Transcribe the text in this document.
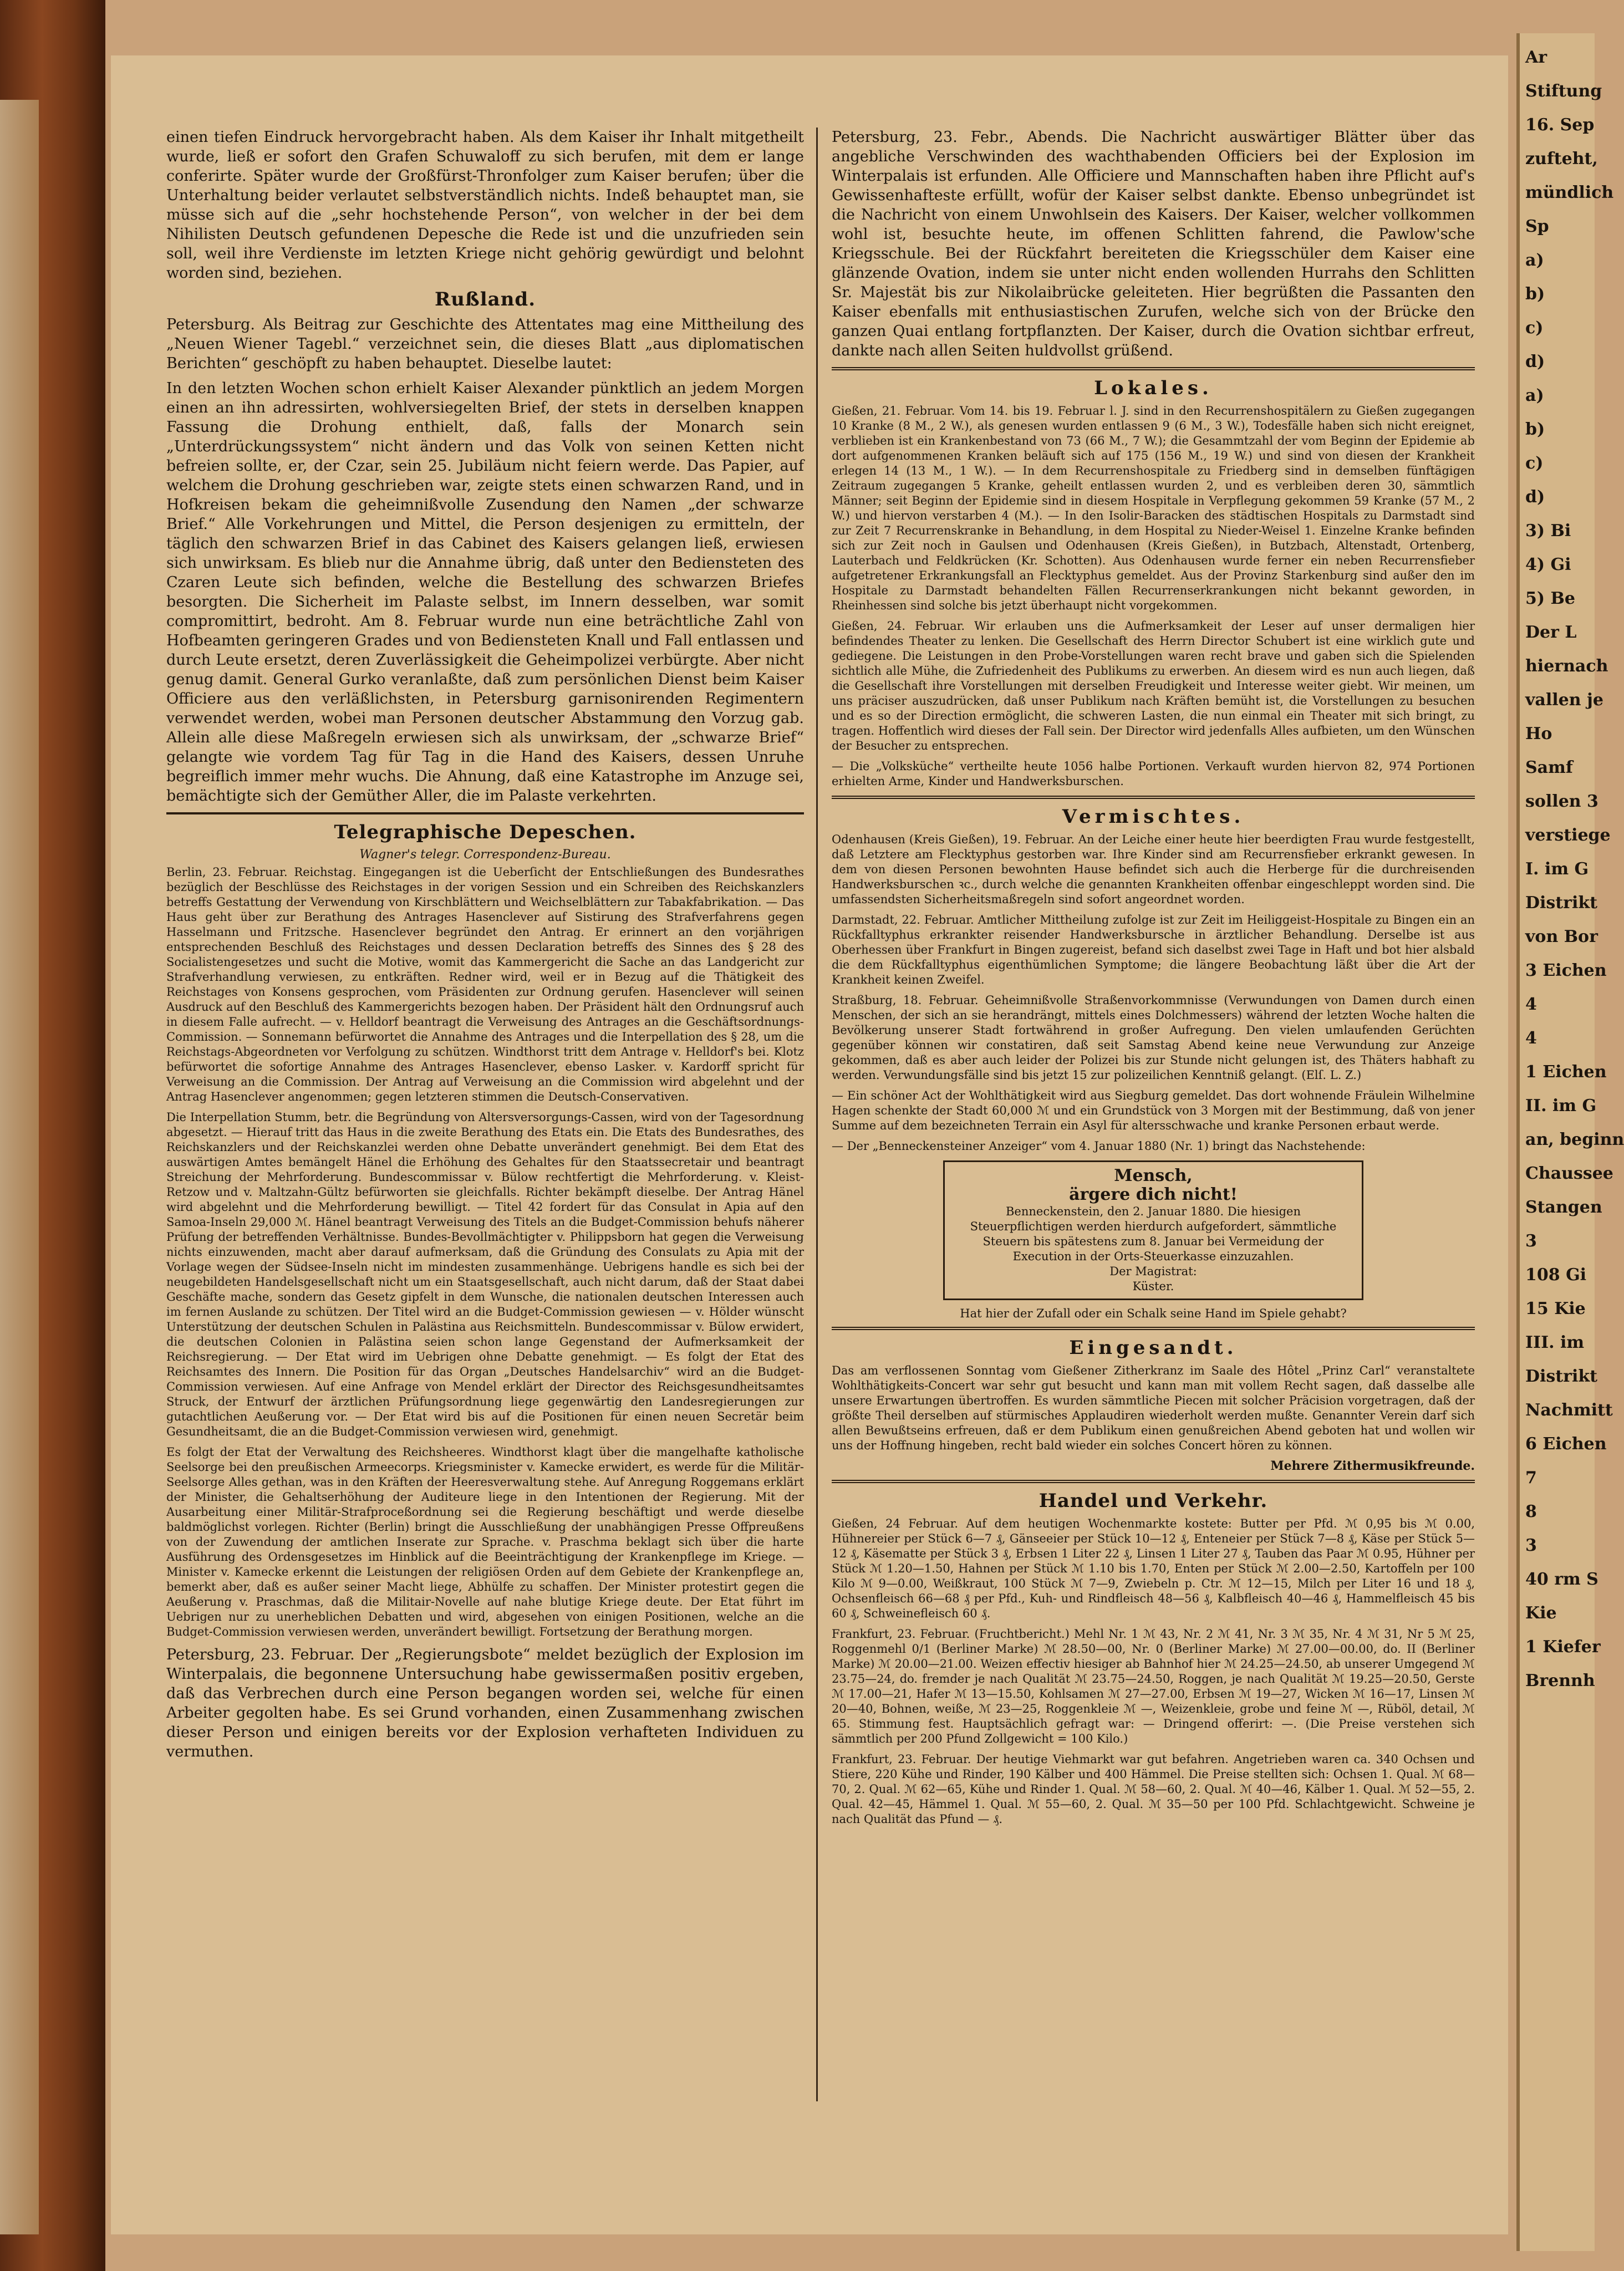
Ar
Stiftung
16. Sep
zufteht,
mündlich
Sp
a)
b)
c)
d)
a)
b)
c)
d)
3) Bi
4) Gi
5) Be
Der L
hiernach
vallen je
Ho
Samf
sollen 3
verstiege
I. im G
Distrikt
von Bor
3 Eichen
4
4
1 Eichen
II. im G
an, beginn
Chaussee
Stangen
3
108 Gi
15 Kie
III. im
Distrikt
Nachmitt
6 Eichen
7
8
3
40 rm S
Kie
1 Kiefer
Brennh

einen tiefen Eindruck hervorgebracht haben. Als dem Kaiser ihr Inhalt mitgetheilt wurde, ließ er sofort den Grafen Schuwaloff zu sich berufen, mit dem er lange conferirte. Später wurde der Großfürst-Thronfolger zum Kaiser berufen; über die Unterhaltung beider verlautet selbstverständlich nichts. Indeß behauptet man, sie müsse sich auf die „sehr hochstehende Person“, von welcher in der bei dem Nihilisten Deutsch gefundenen Depesche die Rede ist und die unzufrieden sein soll, weil ihre Verdienste im letzten Kriege nicht gehörig gewürdigt und belohnt worden sind, beziehen.

Rußland.

Petersburg. Als Beitrag zur Geschichte des Attentates mag eine Mittheilung des „Neuen Wiener Tagebl.“ verzeichnet sein, die dieses Blatt „aus diplomatischen Berichten“ geschöpft zu haben behauptet. Dieselbe lautet:

In den letzten Wochen schon erhielt Kaiser Alexander pünktlich an jedem Morgen einen an ihn adressirten, wohlversiegelten Brief, der stets in derselben knappen Fassung die Drohung enthielt, daß, falls der Monarch sein „Unterdrückungssystem“ nicht ändern und das Volk von seinen Ketten nicht befreien sollte, er, der Czar, sein 25. Jubiläum nicht feiern werde. Das Papier, auf welchem die Drohung geschrieben war, zeigte stets einen schwarzen Rand, und in Hofkreisen bekam die geheimnißvolle Zusendung den Namen „der schwarze Brief.“ Alle Vorkehrungen und Mittel, die Person desjenigen zu ermitteln, der täglich den schwarzen Brief in das Cabinet des Kaisers gelangen ließ, erwiesen sich unwirksam. Es blieb nur die Annahme übrig, daß unter den Bediensteten des Czaren Leute sich befinden, welche die Bestellung des schwarzen Briefes besorgten. Die Sicherheit im Palaste selbst, im Innern desselben, war somit compromittirt, bedroht. Am 8. Februar wurde nun eine beträchtliche Zahl von Hofbeamten geringeren Grades und von Bediensteten Knall und Fall entlassen und durch Leute ersetzt, deren Zuverlässigkeit die Geheimpolizei verbürgte. Aber nicht genug damit. General Gurko veranlaßte, daß zum persönlichen Dienst beim Kaiser Officiere aus den verläßlichsten, in Petersburg garnisonirenden Regimentern verwendet werden, wobei man Personen deutscher Abstammung den Vorzug gab. Allein alle diese Maßregeln erwiesen sich als unwirksam, der „schwarze Brief“ gelangte wie vordem Tag für Tag in die Hand des Kaisers, dessen Unruhe begreiflich immer mehr wuchs. Die Ahnung, daß eine Katastrophe im Anzuge sei, bemächtigte sich der Gemüther Aller, die im Palaste verkehrten.

Telegraphische Depeschen.
Wagner's telegr. Correspondenz-Bureau.

Berlin, 23. Februar. Reichstag. Eingegangen ist die Ueberſicht der Entschließungen des Bundesrathes bezüglich der Beschlüsse des Reichstages in der vorigen Session und ein Schreiben des Reichskanzlers betreffs Gestattung der Verwendung von Kirschblättern und Weichselblättern zur Tabakfabrikation. — Das Haus geht über zur Berathung des Antrages Hasenclever auf Sistirung des Strafverfahrens gegen Hasselmann und Fritzsche. Hasenclever begründet den Antrag. Er erinnert an den vorjährigen entsprechenden Beschluß des Reichstages und dessen Declaration betreffs des Sinnes des § 28 des Socialistengesetzes und sucht die Motive, womit das Kammergericht die Sache an das Landgericht zur Strafverhandlung verwiesen, zu entkräften. Redner wird, weil er in Bezug auf die Thätigkeit des Reichstages von Konsens gesprochen, vom Präsidenten zur Ordnung gerufen. Hasenclever will seinen Ausdruck auf den Beschluß des Kammergerichts bezogen haben. Der Präsident hält den Ordnungsruf auch in diesem Falle aufrecht. — v. Helldorf beantragt die Verweisung des Antrages an die Geschäftsordnungs-Commission. — Sonnemann befürwortet die Annahme des Antrages und die Interpellation des § 28, um die Reichstags-Abgeordneten vor Verfolgung zu schützen. Windthorst tritt dem Antrage v. Helldorf's bei. Klotz befürwortet die sofortige Annahme des Antrages Hasenclever, ebenso Lasker. v. Kardorff spricht für Verweisung an die Commission. Der Antrag auf Verweisung an die Commission wird abgelehnt und der Antrag Hasenclever angenommen; gegen letzteren stimmen die Deutsch-Conservativen.

Die Interpellation Stumm, betr. die Begründung von Altersversorgungs-Cassen, wird von der Tagesordnung abgesetzt. — Hierauf tritt das Haus in die zweite Berathung des Etats ein. Die Etats des Bundesrathes, des Reichskanzlers und der Reichskanzlei werden ohne Debatte unverändert genehmigt. Bei dem Etat des auswärtigen Amtes bemängelt Hänel die Erhöhung des Gehaltes für den Staatssecretair und beantragt Streichung der Mehrforderung. Bundescommissar v. Bülow rechtfertigt die Mehrforderung. v. Kleist-Retzow und v. Maltzahn-Gültz befürworten sie gleichfalls. Richter bekämpft dieselbe. Der Antrag Hänel wird abgelehnt und die Mehrforderung bewilligt. — Titel 42 fordert für das Consulat in Apia auf den Samoa-Inseln 29,000 ℳ. Hänel beantragt Verweisung des Titels an die Budget-Commission behufs näherer Prüfung der betreffenden Verhältnisse. Bundes-Bevollmächtigter v. Philippsborn hat gegen die Verweisung nichts einzuwenden, macht aber darauf aufmerksam, daß die Gründung des Consulats zu Apia mit der Vorlage wegen der Südsee-Inseln nicht im mindesten zusammenhänge. Uebrigens handle es sich bei der neugebildeten Handelsgesellschaft nicht um ein Staatsgesellschaft, auch nicht darum, daß der Staat dabei Geschäfte mache, sondern das Gesetz gipfelt in dem Wunsche, die nationalen deutschen Interessen auch im fernen Auslande zu schützen. Der Titel wird an die Budget-Commission gewiesen — v. Hölder wünscht Unterstützung der deutschen Schulen in Palästina aus Reichsmitteln. Bundescommissar v. Bülow erwidert, die deutschen Colonien in Palästina seien schon lange Gegenstand der Aufmerksamkeit der Reichsregierung. — Der Etat wird im Uebrigen ohne Debatte genehmigt. — Es folgt der Etat des Reichsamtes des Innern. Die Position für das Organ „Deutsches Handelsarchiv“ wird an die Budget-Commission verwiesen. Auf eine Anfrage von Mendel erklärt der Director des Reichsgesundheitsamtes Struck, der Entwurf der ärztlichen Prüfungsordnung liege gegenwärtig den Landesregierungen zur gutachtlichen Aeußerung vor. — Der Etat wird bis auf die Positionen für einen neuen Secretär beim Gesundheitsamt, die an die Budget-Commission verwiesen wird, genehmigt.

Es folgt der Etat der Verwaltung des Reichsheeres. Windthorst klagt über die mangelhafte katholische Seelsorge bei den preußischen Armeecorps. Kriegsminister v. Kamecke erwidert, es werde für die Militär-Seelsorge Alles gethan, was in den Kräften der Heeresverwaltung stehe. Auf Anregung Roggemans erklärt der Minister, die Gehaltserhöhung der Auditeure liege in den Intentionen der Regierung. Mit der Ausarbeitung einer Militär-Strafproceßordnung sei die Regierung beschäftigt und werde dieselbe baldmöglichst vorlegen. Richter (Berlin) bringt die Ausschließung der unabhängigen Presse Offpreußens von der Zuwendung der amtlichen Inserate zur Sprache. v. Praschma beklagt sich über die harte Ausführung des Ordensgesetzes im Hinblick auf die Beeinträchtigung der Krankenpflege im Kriege. — Minister v. Kamecke erkennt die Leistungen der religiösen Orden auf dem Gebiete der Krankenpflege an, bemerkt aber, daß es außer seiner Macht liege, Abhülfe zu schaffen. Der Minister protestirt gegen die Aeußerung v. Praschmas, daß die Militair-Novelle auf nahe blutige Kriege deute. Der Etat führt im Uebrigen nur zu unerheblichen Debatten und wird, abgesehen von einigen Positionen, welche an die Budget-Commission verwiesen werden, unverändert bewilligt. Fortsetzung der Berathung morgen.

Petersburg, 23. Februar. Der „Regierungsbote“ meldet bezüglich der Explosion im Winterpalais, die begonnene Untersuchung habe gewissermaßen positiv ergeben, daß das Verbrechen durch eine Person begangen worden sei, welche für einen Arbeiter gegolten habe. Es sei Grund vorhanden, einen Zusammenhang zwischen dieser Person und einigen bereits vor der Explosion verhafteten Individuen zu vermuthen.

Petersburg, 23. Febr., Abends. Die Nachricht auswärtiger Blätter über das angebliche Verschwinden des wachthabenden Officiers bei der Explosion im Winterpalais ist erfunden. Alle Officiere und Mannschaften haben ihre Pflicht auf's Gewissenhafteste erfüllt, wofür der Kaiser selbst dankte. Ebenso unbegründet ist die Nachricht von einem Unwohlsein des Kaisers. Der Kaiser, welcher vollkommen wohl ist, besuchte heute, im offenen Schlitten fahrend, die Pawlow'sche Kriegsschule. Bei der Rückfahrt bereiteten die Kriegsschüler dem Kaiser eine glänzende Ovation, indem sie unter nicht enden wollenden Hurrahs den Schlitten Sr. Majestät bis zur Nikolaibrücke geleiteten. Hier begrüßten die Passanten den Kaiser ebenfalls mit enthusiastischen Zurufen, welche sich von der Brücke den ganzen Quai entlang fortpflanzten. Der Kaiser, durch die Ovation sichtbar erfreut, dankte nach allen Seiten huldvollst grüßend.

Lokales.

Gießen, 21. Februar. Vom 14. bis 19. Februar l. J. sind in den Recurrenshospitälern zu Gießen zugegangen 10 Kranke (8 M., 2 W.), als genesen wurden entlassen 9 (6 M., 3 W.), Todesfälle haben sich nicht ereignet, verblieben ist ein Krankenbestand von 73 (66 M., 7 W.); die Gesammtzahl der vom Beginn der Epidemie ab dort aufgenommenen Kranken beläuft sich auf 175 (156 M., 19 W.) und sind von diesen der Krankheit erlegen 14 (13 M., 1 W.). — In dem Recurrenshospitale zu Friedberg sind in demselben fünftägigen Zeitraum zugegangen 5 Kranke, geheilt entlassen wurden 2, und es verbleiben deren 30, sämmtlich Männer; seit Beginn der Epidemie sind in diesem Hospitale in Verpflegung gekommen 59 Kranke (57 M., 2 W.) und hiervon verstarben 4 (M.). — In den Isolir-Baracken des städtischen Hospitals zu Darmstadt sind zur Zeit 7 Recurrenskranke in Behandlung, in dem Hospital zu Nieder-Weisel 1. Einzelne Kranke befinden sich zur Zeit noch in Gaulsen und Odenhausen (Kreis Gießen), in Butzbach, Altenstadt, Ortenberg, Lauterbach und Feldkrücken (Kr. Schotten). Aus Odenhausen wurde ferner ein neben Recurrensfieber aufgetretener Erkrankungsfall an Flecktyphus gemeldet. Aus der Provinz Starkenburg sind außer den im Hospitale zu Darmstadt behandelten Fällen Recurrenserkrankungen nicht bekannt geworden, in Rheinhessen sind solche bis jetzt überhaupt nicht vorgekommen.

Gießen, 24. Februar. Wir erlauben uns die Aufmerksamkeit der Leser auf unser dermaligen hier befindendes Theater zu lenken. Die Gesellschaft des Herrn Director Schubert ist eine wirklich gute und gediegene. Die Leistungen in den Probe-Vorstellungen waren recht brave und gaben sich die Spielenden sichtlich alle Mühe, die Zufriedenheit des Publikums zu erwerben. An diesem wird es nun auch liegen, daß die Gesellschaft ihre Vorstellungen mit derselben Freudigkeit und Interesse weiter giebt. Wir meinen, um uns präciser auszudrücken, daß unser Publikum nach Kräften bemüht ist, die Vorstellungen zu besuchen und es so der Direction ermöglicht, die schweren Lasten, die nun einmal ein Theater mit sich bringt, zu tragen. Hoffentlich wird dieses der Fall sein. Der Director wird jedenfalls Alles aufbieten, um den Wünschen der Besucher zu entsprechen.

— Die „Volksküche“ vertheilte heute 1056 halbe Portionen. Verkauft wurden hiervon 82, 974 Portionen erhielten Arme, Kinder und Handwerksburschen.

Vermischtes.

Odenhausen (Kreis Gießen), 19. Februar. An der Leiche einer heute hier beerdigten Frau wurde festgestellt, daß Letztere am Flecktyphus gestorben war. Ihre Kinder sind am Recurrensfieber erkrankt gewesen. In dem von diesen Personen bewohnten Hause befindet sich auch die Herberge für die durchreisenden Handwerksburschen ꝛc., durch welche die genannten Krankheiten offenbar eingeschleppt worden sind. Die umfassendsten Sicherheitsmaßregeln sind sofort angeordnet worden.

Darmstadt, 22. Februar. Amtlicher Mittheilung zufolge ist zur Zeit im Heiliggeist-Hospitale zu Bingen ein an Rückfalltyphus erkrankter reisender Handwerksbursche in ärztlicher Behandlung. Derselbe ist aus Oberhessen über Frankfurt in Bingen zugereist, befand sich daselbst zwei Tage in Haft und bot hier alsbald die dem Rückfalltyphus eigenthümlichen Symptome; die längere Beobachtung läßt über die Art der Krankheit keinen Zweifel.

Straßburg, 18. Februar. Geheimnißvolle Straßenvorkommnisse (Verwundungen von Damen durch einen Menschen, der sich an sie herandrängt, mittels eines Dolchmessers) während der letzten Woche halten die Bevölkerung unserer Stadt fortwährend in großer Aufregung. Den vielen umlaufenden Gerüchten gegenüber können wir constatiren, daß seit Samstag Abend keine neue Verwundung zur Anzeige gekommen, daß es aber auch leider der Polizei bis zur Stunde nicht gelungen ist, des Thäters habhaft zu werden. Verwundungsfälle sind bis jetzt 15 zur polizeilichen Kenntniß gelangt. (Elſ. L. Z.)

— Ein schöner Act der Wohlthätigkeit wird aus Siegburg gemeldet. Das dort wohnende Fräulein Wilhelmine Hagen schenkte der Stadt 60,000 ℳ und ein Grundstück von 3 Morgen mit der Bestimmung, daß von jener Summe auf dem bezeichneten Terrain ein Asyl für altersschwache und kranke Personen erbaut werde.

— Der „Benneckensteiner Anzeiger“ vom 4. Januar 1880 (Nr. 1) bringt das Nachstehende:

Mensch,
ärgere dich nicht!
Benneckenstein, den 2. Januar 1880. Die hiesigen Steuerpflichtigen werden hierdurch aufgefordert, sämmtliche Steuern bis spätestens zum 8. Januar bei Vermeidung der Execution in der Orts-Steuerkasse einzuzahlen.
Der Magistrat:
Küster.
Hat hier der Zufall oder ein Schalk seine Hand im Spiele gehabt?
Eingesandt.

Das am verflossenen Sonntag vom Gießener Zitherkranz im Saale des Hôtel „Prinz Carl“ veranstaltete Wohlthätigkeits-Concert war sehr gut besucht und kann man mit vollem Recht sagen, daß dasselbe alle unsere Erwartungen übertroffen. Es wurden sämmtliche Piecen mit solcher Präcision vorgetragen, daß der größte Theil derselben auf stürmisches Applaudiren wiederholt werden mußte. Genannter Verein darf sich allen Bewußtseins erfreuen, daß er dem Publikum einen genußreichen Abend geboten hat und wollen wir uns der Hoffnung hingeben, recht bald wieder ein solches Concert hören zu können.

Mehrere Zithermusikfreunde.

Handel und Verkehr.

Gießen, 24 Februar. Auf dem heutigen Wochenmarkte kostete: Butter per Pfd. ℳ 0,95 bis ℳ 0.00, Hühnereier per Stück 6—7 ₰, Gänseeier per Stück 10—12 ₰, Enteneier per Stück 7—8 ₰, Käse per Stück 5—12 ₰, Käsematte per Stück 3 ₰, Erbsen 1 Liter 22 ₰, Linsen 1 Liter 27 ₰, Tauben das Paar ℳ 0.95, Hühner per Stück ℳ 1.20—1.50, Hahnen per Stück ℳ 1.10 bis 1.70, Enten per Stück ℳ 2.00—2.50, Kartoffeln per 100 Kilo ℳ 9—0.00, Weißkraut, 100 Stück ℳ 7—9, Zwiebeln p. Ctr. ℳ 12—15, Milch per Liter 16 und 18 ₰, Ochsenfleisch 66—68 ₰ per Pfd., Kuh- und Rindfleisch 48—56 ₰, Kalbfleisch 40—46 ₰, Hammelfleisch 45 bis 60 ₰, Schweinefleisch 60 ₰.

Frankfurt, 23. Februar. (Fruchtbericht.) Mehl Nr. 1 ℳ 43, Nr. 2 ℳ 41, Nr. 3 ℳ 35, Nr. 4 ℳ 31, Nr 5 ℳ 25, Roggenmehl 0/1 (Berliner Marke) ℳ 28.50—00, Nr. 0 (Berliner Marke) ℳ 27.00—00.00, do. II (Berliner Marke) ℳ 20.00—21.00. Weizen effectiv hiesiger ab Bahnhof hier ℳ 24.25—24.50, ab unserer Umgegend ℳ 23.75—24, do. fremder je nach Qualität ℳ 23.75—24.50, Roggen, je nach Qualität ℳ 19.25—20.50, Gerste ℳ 17.00—21, Hafer ℳ 13—15.50, Kohlsamen ℳ 27—27.00, Erbsen ℳ 19—27, Wicken ℳ 16—17, Linsen ℳ 20—40, Bohnen, weiße, ℳ 23—25, Roggenkleie ℳ —, Weizenkleie, grobe und feine ℳ —, Rüböl, detail, ℳ 65. Stimmung fest. Hauptsächlich gefragt war: — Dringend offerirt: —. (Die Preise verstehen sich sämmtlich per 200 Pfund Zollgewicht = 100 Kilo.)

Frankfurt, 23. Februar. Der heutige Viehmarkt war gut befahren. Angetrieben waren ca. 340 Ochsen und Stiere, 220 Kühe und Rinder, 190 Kälber und 400 Hämmel. Die Preise stellten sich: Ochsen 1. Qual. ℳ 68—70, 2. Qual. ℳ 62—65, Kühe und Rinder 1. Qual. ℳ 58—60, 2. Qual. ℳ 40—46, Kälber 1. Qual. ℳ 52—55, 2. Qual. 42—45, Hämmel 1. Qual. ℳ 55—60, 2. Qual. ℳ 35—50 per 100 Pfd. Schlachtgewicht. Schweine je nach Qualität das Pfund — ₰.
